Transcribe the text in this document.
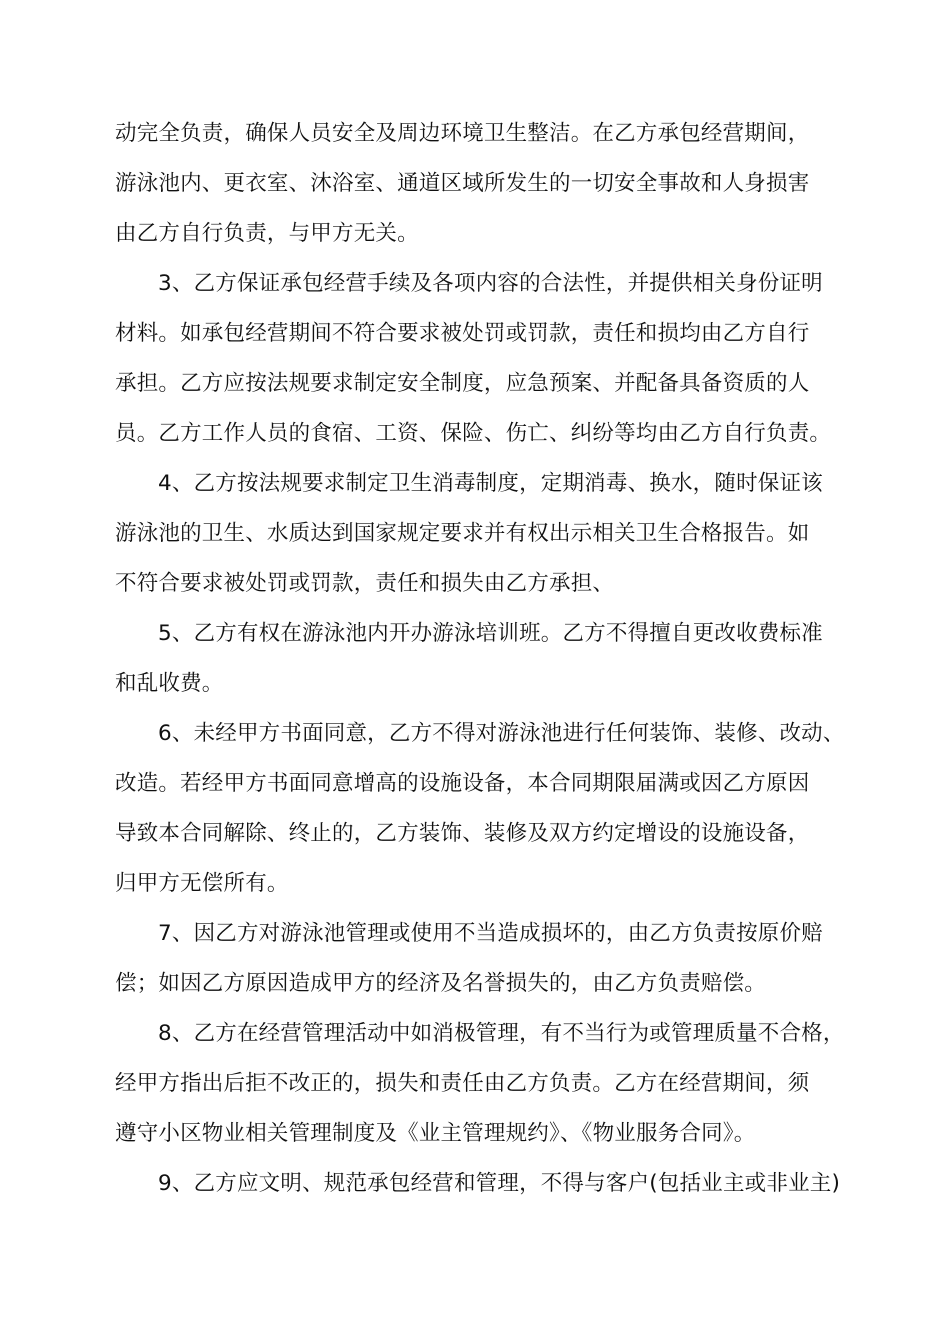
动完全负责，确保人员安全及周边环境卫生整洁。在乙方承包经营期间，
游泳池内、更衣室、沐浴室、通道区域所发生的一切安全事故和人身损害
由乙方自行负责，与甲方无关。
3、乙方保证承包经营手续及各项内容的合法性，并提供相关身份证明
材料。如承包经营期间不符合要求被处罚或罚款，责任和损均由乙方自行
承担。乙方应按法规要求制定安全制度，应急预案、并配备具备资质的人
员。乙方工作人员的食宿、工资、保险、伤亡、纠纷等均由乙方自行负责。
4、乙方按法规要求制定卫生消毒制度，定期消毒、换水，随时保证该
游泳池的卫生、水质达到国家规定要求并有权出示相关卫生合格报告。如
不符合要求被处罚或罚款，责任和损失由乙方承担、
5、乙方有权在游泳池内开办游泳培训班。乙方不得擅自更改收费标准
和乱收费。
6、未经甲方书面同意，乙方不得对游泳池进行任何装饰、装修、改动、
改造。若经甲方书面同意增高的设施设备，本合同期限届满或因乙方原因
导致本合同解除、终止的，乙方装饰、装修及双方约定增设的设施设备，
归甲方无偿所有。
7、因乙方对游泳池管理或使用不当造成损坏的，由乙方负责按原价赔
偿；如因乙方原因造成甲方的经济及名誉损失的，由乙方负责赔偿。
8、乙方在经营管理活动中如消极管理，有不当行为或管理质量不合格，
经甲方指出后拒不改正的，损失和责任由乙方负责。乙方在经营期间，须
遵守小区物业相关管理制度及《业主管理规约》、《物业服务合同》。
9、乙方应文明、规范承包经营和管理，不得与客户(包括业主或非业主)
